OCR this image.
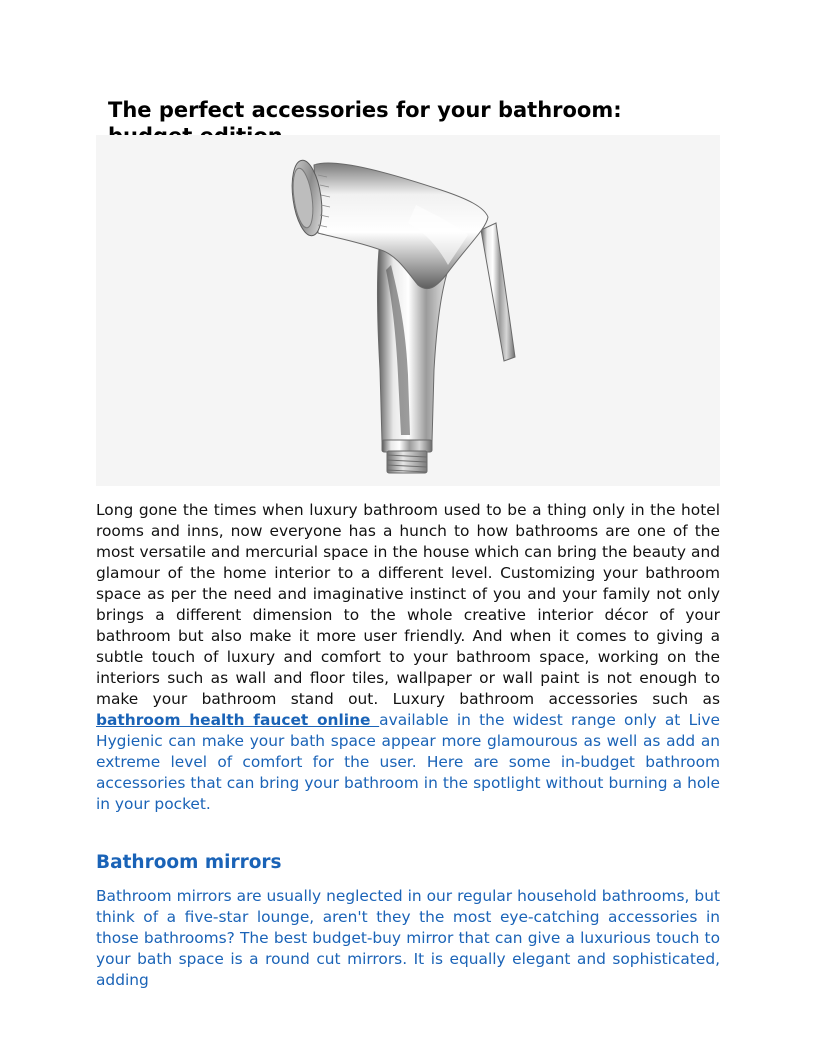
The perfect accessories for your bathroom:

Long gone the times when luxury bathroom used to be a thing only in the hotel rooms and inns, now everyone has a hunch to how bathrooms are one of the most versatile and mercurial space in the house which can bring the beauty and glamour of the home interior to a different level. Customizing your bathroom space as per the need and imaginative instinct of you and your family not only brings a different dimension to the whole creative interior décor of your bathroom but also make it more user friendly. And when it comes to giving a subtle touch of luxury and comfort to your bathroom space, working on the interiors such as wall and floor tiles, wallpaper or wall paint is not enough to make your bathroom stand out. Luxury bathroom accessories such as bathroom health faucet online available in the widest range only at Live Hygienic can make your bath space appear more glamourous as well as add an extreme level of comfort for the user. Here are some in-budget bathroom accessories that can bring your bathroom in the spotlight without burning a hole in your pocket.

Bathroom mirrors

Bathroom mirrors are usually neglected in our regular household bathrooms, but think of a five-star lounge, aren't they the most eye-catching accessories in those bathrooms? The best budget-buy mirror that can give a luxurious touch to your bath space is a round cut mirrors. It is equally elegant and sophisticated, adding
